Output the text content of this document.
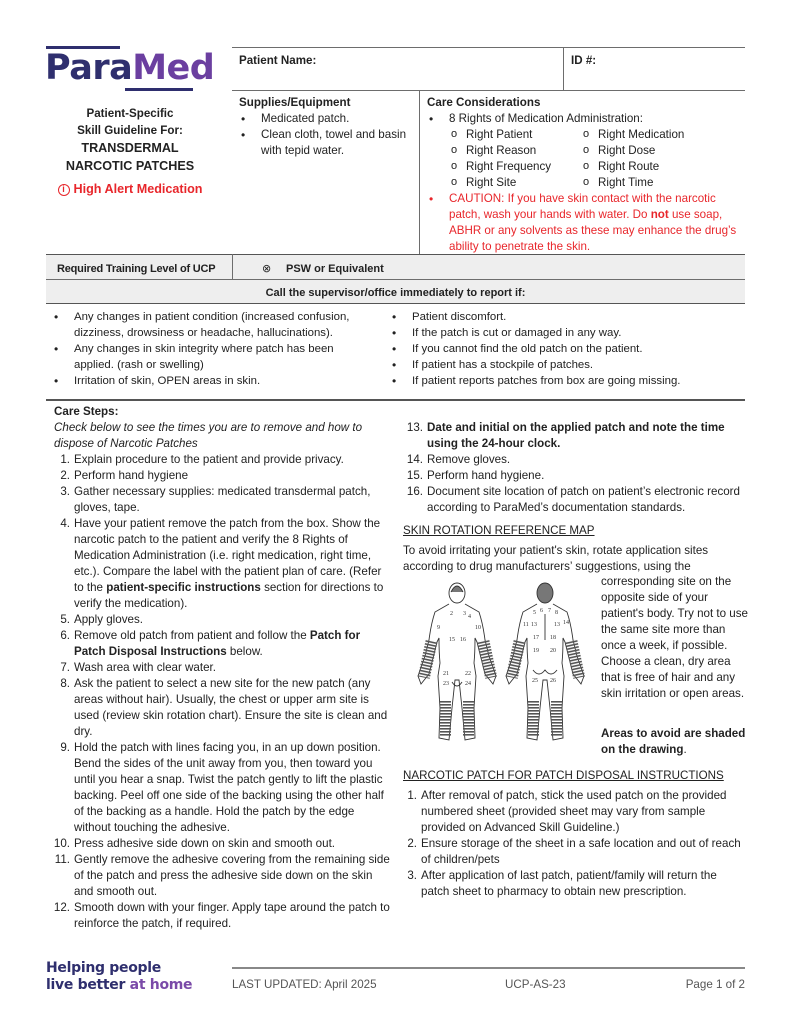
ParaMed
Patient-Specific
Skill Guideline For:
TRANSDERMAL
NARCOTIC PATCHES
i High Alert Medication
Patient Name:	ID #:
Supplies/Equipment
• Medicated patch.
• Clean cloth, towel and basin with tepid water.
Care Considerations
• 8 Rights of Medication Administration:
o Right Patient	o Right Medication
o Right Reason	o Right Dose
o Right Frequency	o Right Route
o Right Site	o Right Time
• CAUTION: If you have skin contact with the narcotic patch, wash your hands with water. Do not use soap, ABHR or any solvents as these may enhance the drug’s ability to penetrate the skin.
Required Training Level of UCP	⊗ PSW or Equivalent
Call the supervisor/office immediately to report if:
• Any changes in patient condition (increased confusion, dizziness, drowsiness or headache, hallucinations).
• Any changes in skin integrity where patch has been applied. (rash or swelling)
• Irritation of skin, OPEN areas in skin.
• Patient discomfort.
• If the patch is cut or damaged in any way.
• If you cannot find the old patch on the patient.
• If patient has a stockpile of patches.
• If patient reports patches from box are going missing.
Care Steps:
Check below to see the times you are to remove and how to dispose of Narcotic Patches
1. Explain procedure to the patient and provide privacy.
2. Perform hand hygiene
3. Gather necessary supplies: medicated transdermal patch, gloves, tape.
4. Have your patient remove the patch from the box. Show the narcotic patch to the patient and verify the 8 Rights of Medication Administration (i.e. right medication, right time, etc.). Compare the label with the patient plan of care. (Refer to the patient-specific instructions section for directions to verify the medication).
5. Apply gloves.
6. Remove old patch from patient and follow the Patch for Patch Disposal Instructions below.
7. Wash area with clear water.
8. Ask the patient to select a new site for the new patch (any areas without hair). Usually, the chest or upper arm site is used (review skin rotation chart). Ensure the site is clean and dry.
9. Hold the patch with lines facing you, in an up down position. Bend the sides of the unit away from you, then toward you until you hear a snap. Twist the patch gently to lift the plastic backing. Peel off one side of the backing using the other half of the backing as a handle. Hold the patch by the edge without touching the adhesive.
10. Press adhesive side down on skin and smooth out.
11. Gently remove the adhesive covering from the remaining side of the patch and press the adhesive side down on the skin and smooth out.
12. Smooth down with your finger. Apply tape around the patch to reinforce the patch, if required.
13. Date and initial on the applied patch and note the time using the 24-hour clock.
14. Remove gloves.
15. Perform hand hygiene.
16. Document site location of patch on patient’s electronic record according to ParaMed’s documentation standards.
SKIN ROTATION REFERENCE MAP
To avoid irritating your patient's skin, rotate application sites according to drug manufacturers’ suggestions, using the
corresponding site on the opposite side of your patient's body. Try not to use the same site more than once a week, if possible. Choose a clean, dry area that is free of hair and any skin irritation or open areas.
Areas to avoid are shaded on the drawing.
2 3 4
9	10
15 16
21	22
23	24
5 6 7 8
11 13	13 14
17 18
19 20
25 26
NARCOTIC PATCH FOR PATCH DISPOSAL INSTRUCTIONS
1. After removal of patch, stick the used patch on the provided numbered sheet (provided sheet may vary from sample provided on Advanced Skill Guideline.)
2. Ensure storage of the sheet in a safe location and out of reach of children/pets
3. After application of last patch, patient/family will return the patch sheet to pharmacy to obtain new prescription.
Helping people
live better at home	LAST UPDATED: April 2025	UCP-AS-23	Page 1 of 2
